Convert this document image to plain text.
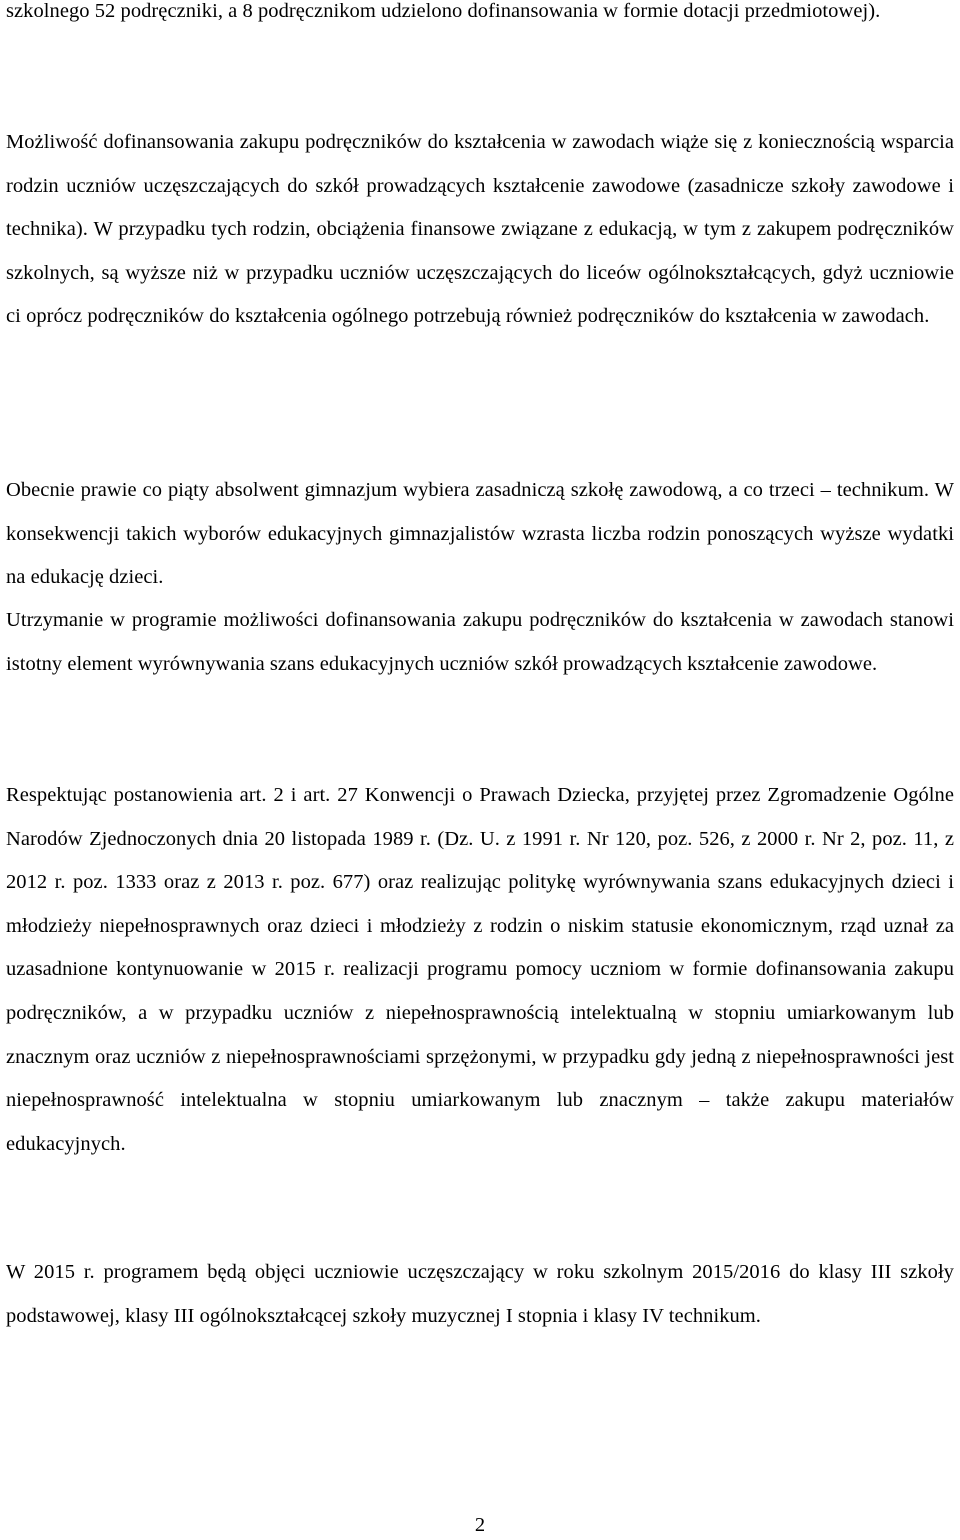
szkolnego 52 podręczniki, a 8 podręcznikom udzielono dofinansowania w formie dotacji przedmiotowej).

Możliwość dofinansowania zakupu podręczników do kształcenia w zawodach wiąże się z koniecznością wsparcia rodzin uczniów uczęszczających do szkół prowadzących kształcenie zawodowe (zasadnicze szkoły zawodowe i technika). W przypadku tych rodzin, obciążenia finansowe związane z edukacją, w tym z zakupem podręczników szkolnych, są wyższe niż w przypadku uczniów uczęszczających do liceów ogólnokształcących, gdyż uczniowie ci oprócz podręczników do kształcenia ogólnego potrzebują również podręczników do kształcenia w zawodach.

Obecnie prawie co piąty absolwent gimnazjum wybiera zasadniczą szkołę zawodową, a co trzeci – technikum. W konsekwencji takich wyborów edukacyjnych gimnazjalistów wzrasta liczba rodzin ponoszących wyższe wydatki na edukację dzieci.

Utrzymanie w programie możliwości dofinansowania zakupu podręczników do kształcenia w zawodach stanowi istotny element wyrównywania szans edukacyjnych uczniów szkół prowadzących kształcenie zawodowe.

Respektując postanowienia art. 2 i art. 27 Konwencji o Prawach Dziecka, przyjętej przez Zgromadzenie Ogólne Narodów Zjednoczonych dnia 20 listopada 1989 r. (Dz. U. z 1991 r. Nr 120, poz. 526, z 2000 r. Nr 2, poz. 11, z 2012 r. poz. 1333 oraz z 2013 r. poz. 677) oraz realizując politykę wyrównywania szans edukacyjnych dzieci i młodzieży niepełnosprawnych oraz dzieci i młodzieży z rodzin o niskim statusie ekonomicznym, rząd uznał za uzasadnione kontynuowanie w 2015 r. realizacji programu pomocy uczniom w formie dofinansowania zakupu podręczników, a w przypadku uczniów z niepełnosprawnością intelektualną w stopniu umiarkowanym lub znacznym oraz uczniów z niepełnosprawnościami sprzężonymi, w przypadku gdy jedną z niepełnosprawności jest niepełnosprawność intelektualna w stopniu umiarkowanym lub znacznym – także zakupu materiałów edukacyjnych.

W 2015 r. programem będą objęci uczniowie uczęszczający w roku szkolnym 2015/2016 do klasy III szkoły podstawowej, klasy III ogólnokształcącej szkoły muzycznej I stopnia i klasy IV technikum.

2
